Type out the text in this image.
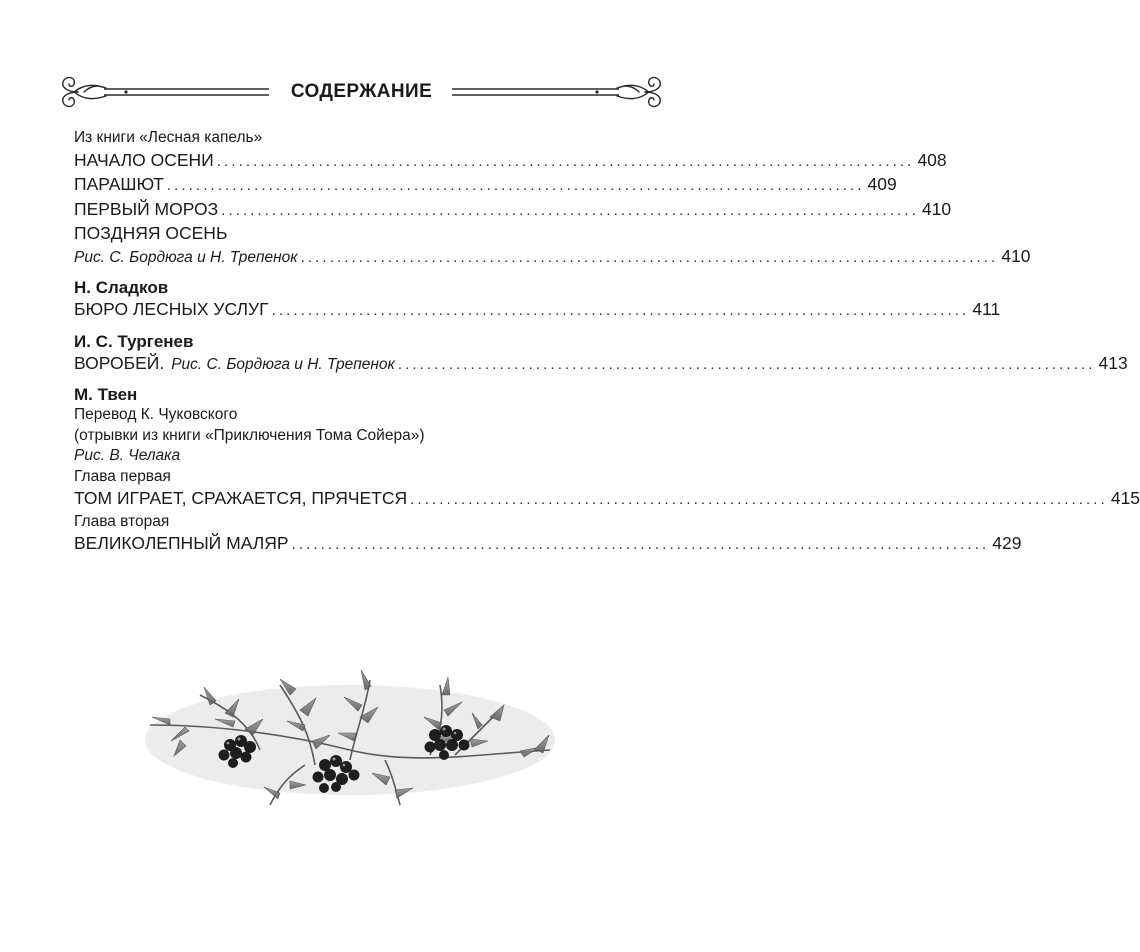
СОДЕРЖАНИЕ
Из книги «Лесная капель»
НАЧАЛО ОСЕНИ ................................................................................................ 408
ПАРАШЮТ ................................................................................................ 409
ПЕРВЫЙ МОРОЗ ................................................................................................ 410
ПОЗДНЯЯ ОСЕНЬ
Рис. С. Бордюга и Н. Трепенок ................................................................................................ 410
Н. Сладков
БЮРО ЛЕСНЫХ УСЛУГ ................................................................................................ 411
И. С. Тургенев
ВОРОБЕЙ. Рис. С. Бордюга и Н. Трепенок ................................................................................................ 413
М. Твен
Перевод К. Чуковского
(отрывки из книги «Приключения Тома Сойера»)
Рис. В. Челака
Глава первая
ТОМ ИГРАЕТ, СРАЖАЕТСЯ, ПРЯЧЕТСЯ ................................................................................................ 415
Глава вторая
ВЕЛИКОЛЕПНЫЙ МАЛЯР ................................................................................................ 429
